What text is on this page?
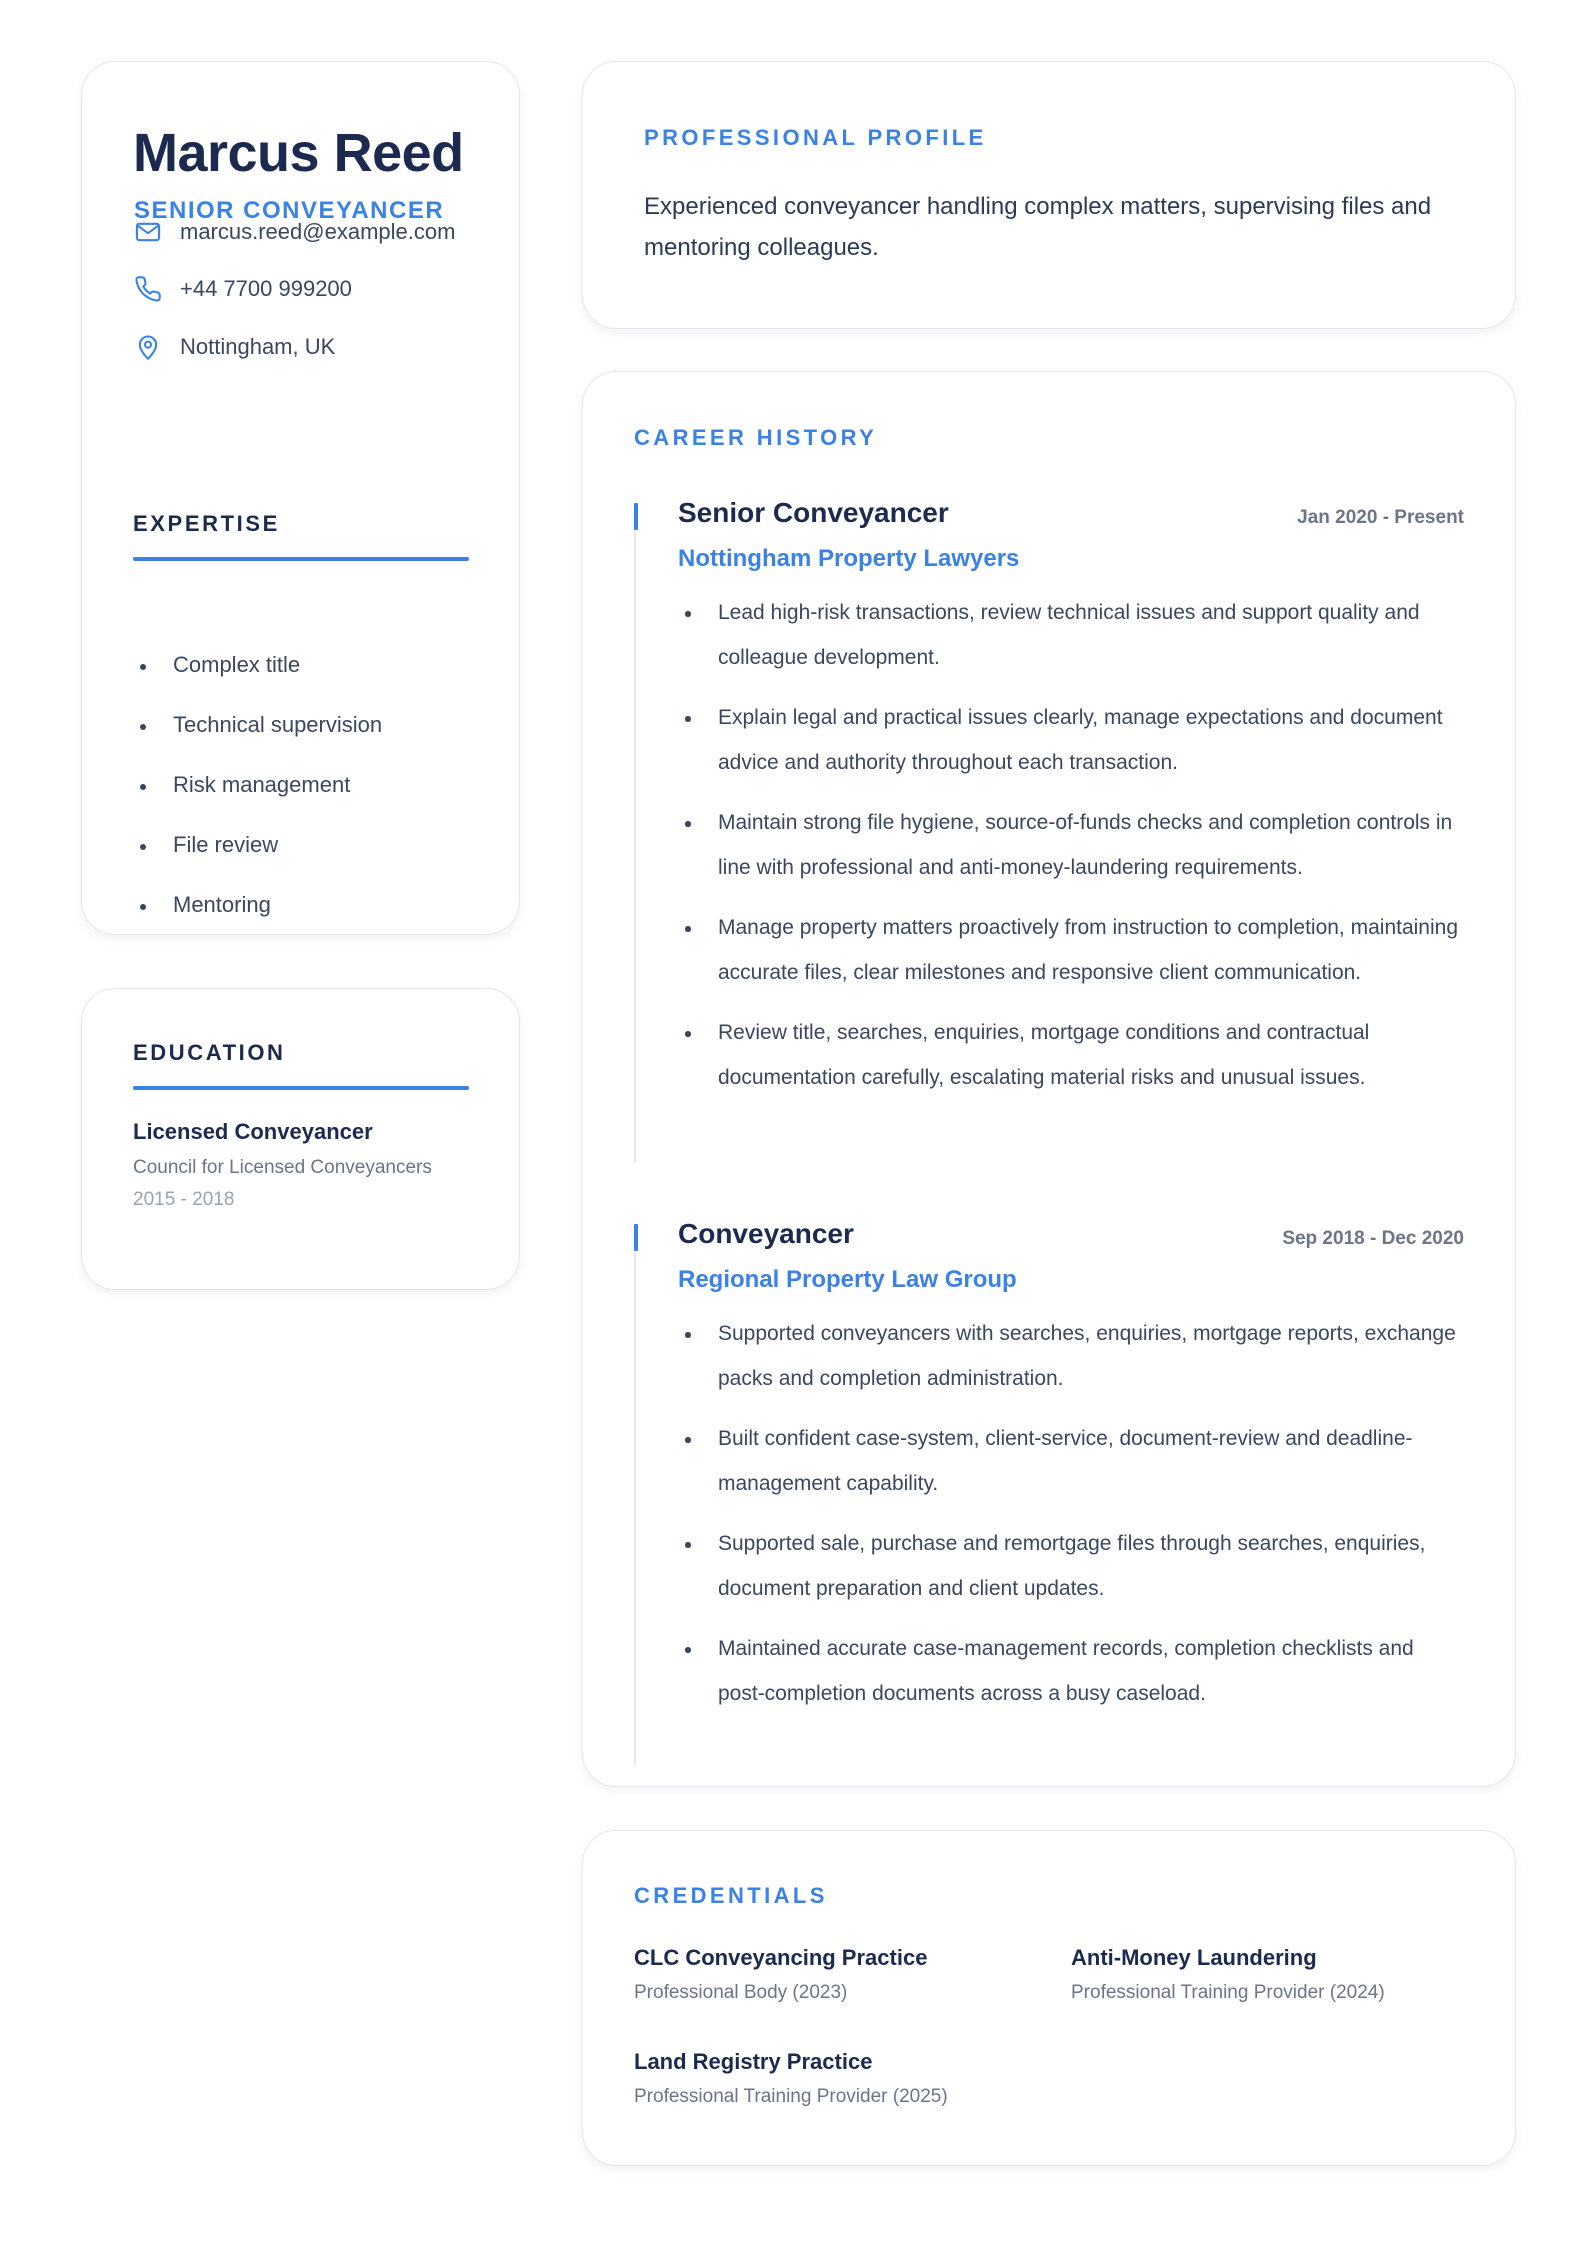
Marcus Reed
SENIOR CONVEYANCER
marcus.reed@example.com
+44 7700 999200
Nottingham, UK
EXPERTISE
Complex title
Technical supervision
Risk management
File review
Mentoring
EDUCATION
Licensed Conveyancer
Council for Licensed Conveyancers
2015 - 2018
PROFESSIONAL PROFILE

Experienced conveyancer handling complex matters, supervising files and mentoring colleagues.

CAREER HISTORY
Senior Conveyancer	Jan 2020 - Present
Nottingham Property Lawyers
Lead high-risk transactions, review technical issues and support quality and colleague development.
Explain legal and practical issues clearly, manage expectations and document advice and authority throughout each transaction.
Maintain strong file hygiene, source-of-funds checks and completion controls in line with professional and anti-money-laundering requirements.
Manage property matters proactively from instruction to completion, maintaining accurate files, clear milestones and responsive client communication.
Review title, searches, enquiries, mortgage conditions and contractual documentation carefully, escalating material risks and unusual issues.
Conveyancer	Sep 2018 - Dec 2020
Regional Property Law Group
Supported conveyancers with searches, enquiries, mortgage reports, exchange packs and completion administration.
Built confident case-system, client-service, document-review and deadline-management capability.
Supported sale, purchase and remortgage files through searches, enquiries, document preparation and client updates.
Maintained accurate case-management records, completion checklists and post-completion documents across a busy caseload.
CREDENTIALS
CLC Conveyancing Practice
Professional Body (2023)
Anti-Money Laundering
Professional Training Provider (2024)
Land Registry Practice
Professional Training Provider (2025)
